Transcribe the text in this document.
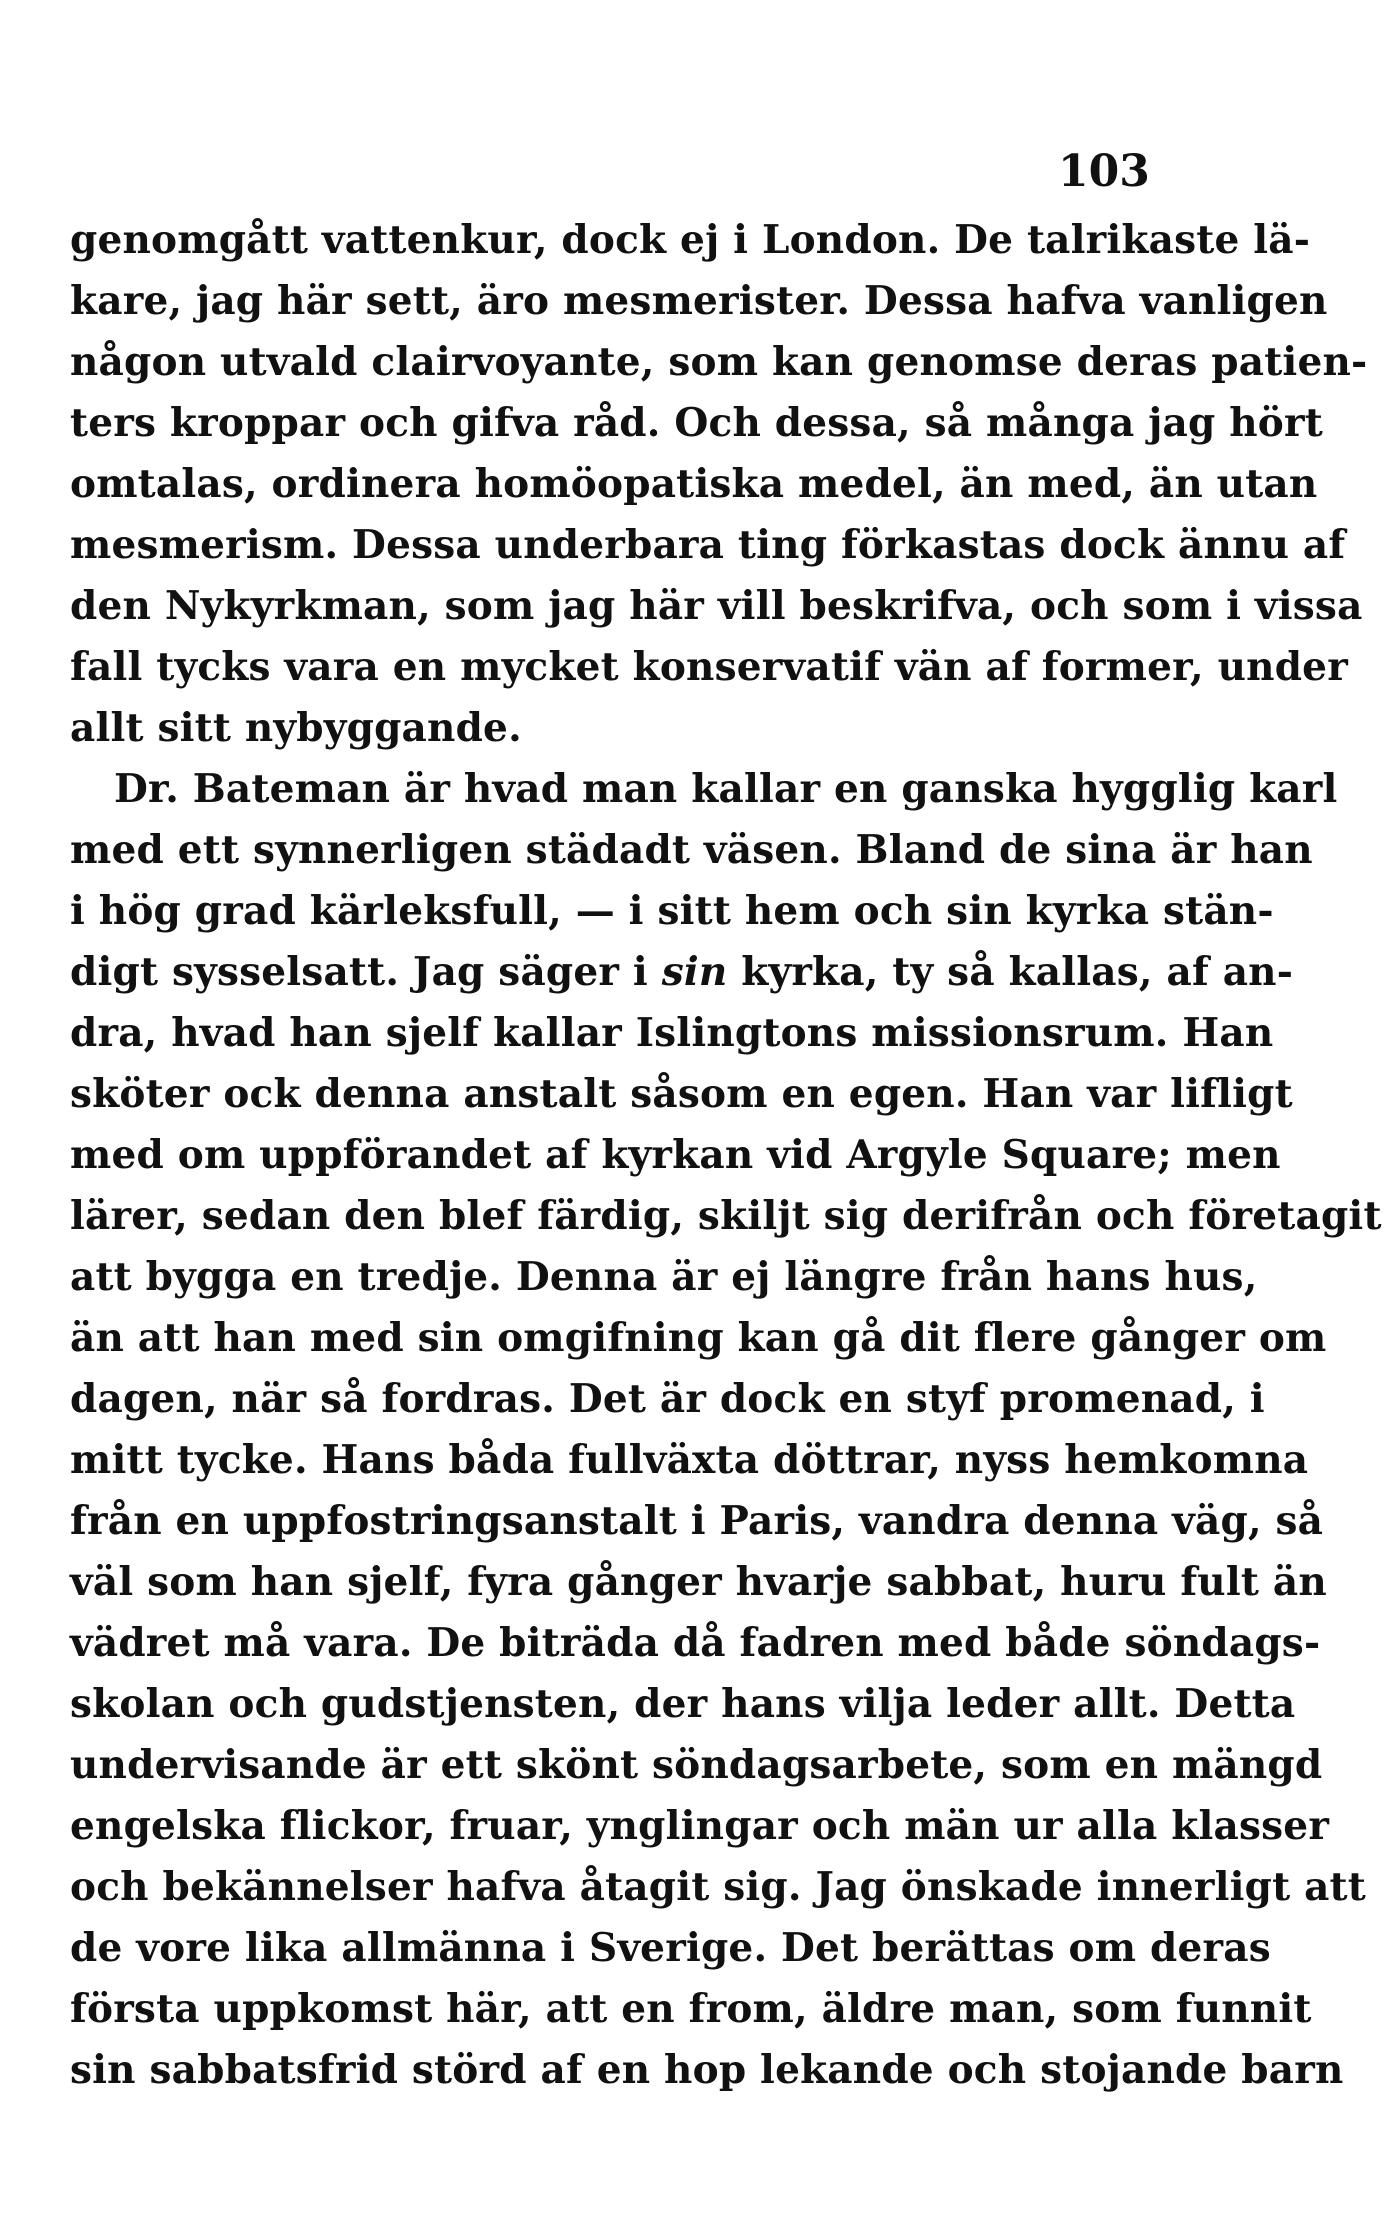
103
genomgått vattenkur, dock ej i London. De talrikaste lä-
kare, jag här sett, äro mesmerister. Dessa hafva vanligen
någon utvald clairvoyante, som kan genomse deras patien-
ters kroppar och gifva råd. Och dessa, så många jag hört
omtalas, ordinera homöopatiska medel, än med, än utan
mesmerism. Dessa underbara ting förkastas dock ännu af
den Nykyrkman, som jag här vill beskrifva, och som i vissa
fall tycks vara en mycket konservatif vän af former, under
allt sitt nybyggande.
Dr. Bateman är hvad man kallar en ganska hygglig karl
med ett synnerligen städadt väsen. Bland de sina är han
i hög grad kärleksfull, — i sitt hem och sin kyrka stän-
digt sysselsatt. Jag säger i sin kyrka, ty så kallas, af an-
dra, hvad han sjelf kallar Islingtons missionsrum. Han
sköter ock denna anstalt såsom en egen. Han var lifligt
med om uppförandet af kyrkan vid Argyle Square; men
lärer, sedan den blef färdig, skiljt sig derifrån och företagit
att bygga en tredje. Denna är ej längre från hans hus,
än att han med sin omgifning kan gå dit flere gånger om
dagen, när så fordras. Det är dock en styf promenad, i
mitt tycke. Hans båda fullväxta döttrar, nyss hemkomna
från en uppfostringsanstalt i Paris, vandra denna väg, så
väl som han sjelf, fyra gånger hvarje sabbat, huru fult än
vädret må vara. De biträda då fadren med både söndags-
skolan och gudstjensten, der hans vilja leder allt. Detta
undervisande är ett skönt söndagsarbete, som en mängd
engelska flickor, fruar, ynglingar och män ur alla klasser
och bekännelser hafva åtagit sig. Jag önskade innerligt att
de vore lika allmänna i Sverige. Det berättas om deras
första uppkomst här, att en from, äldre man, som funnit
sin sabbatsfrid störd af en hop lekande och stojande barn
